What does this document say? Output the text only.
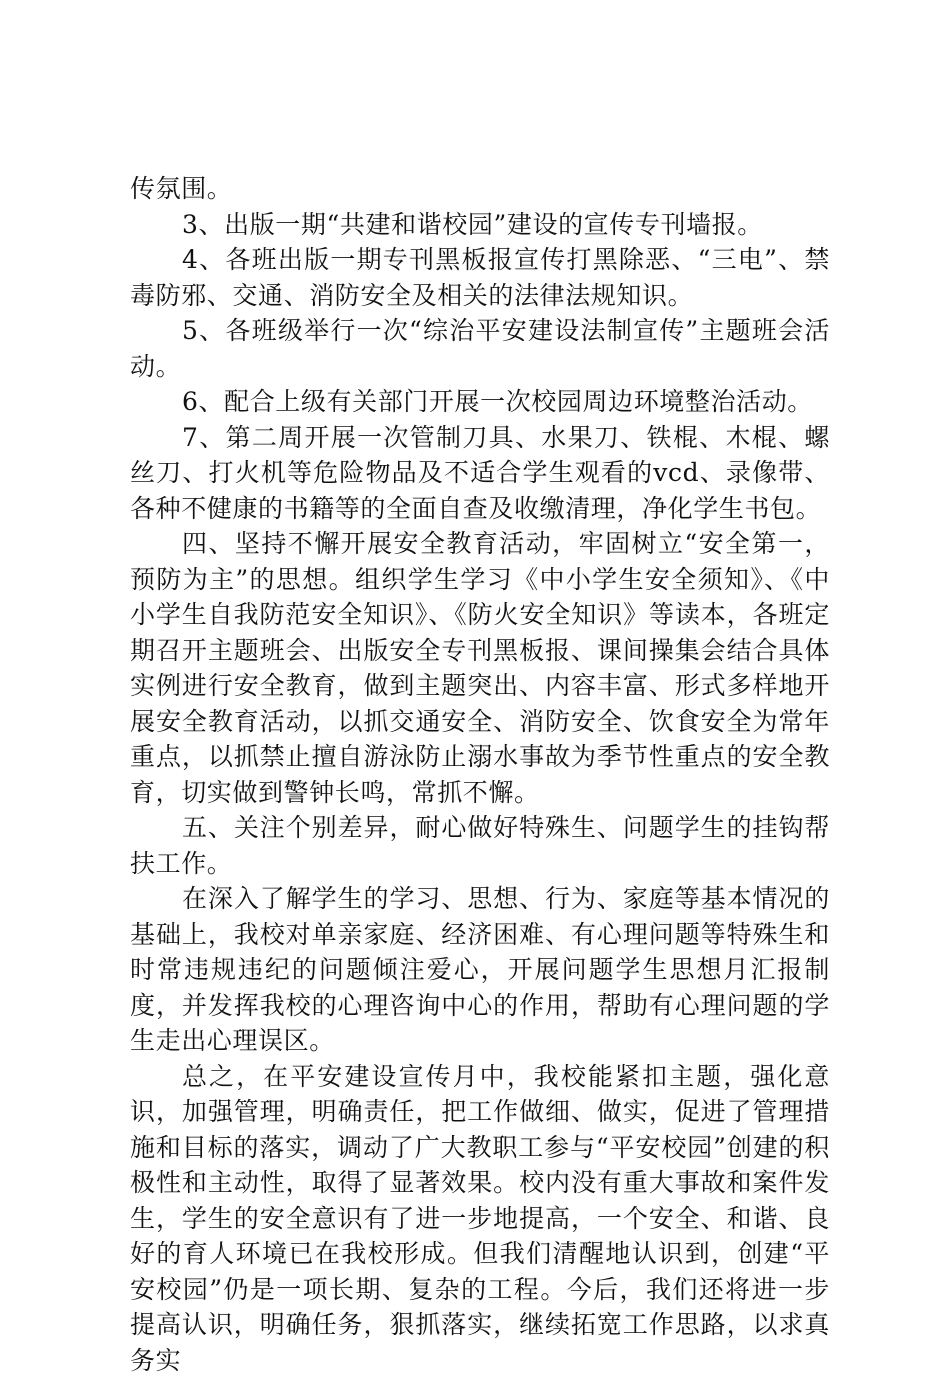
传氛围。

3、出版一期“共建和谐校园”建设的宣传专刊墙报。

4、各班出版一期专刊黑板报宣传打黑除恶、“三电”、禁毒防邪、交通、消防安全及相关的法律法规知识。

5、各班级举行一次“综治平安建设法制宣传”主题班会活动。

6、配合上级有关部门开展一次校园周边环境整治活动。

7、第二周开展一次管制刀具、水果刀、铁棍、木棍、螺丝刀、打火机等危险物品及不适合学生观看的vcd、录像带、各种不健康的书籍等的全面自查及收缴清理，净化学生书包。

四、坚持不懈开展安全教育活动，牢固树立“安全第一，预防为主”的思想。组织学生学习《中小学生安全须知》、《中小学生自我防范安全知识》、《防火安全知识》等读本，各班定期召开主题班会、出版安全专刊黑板报、课间操集会结合具体实例进行安全教育，做到主题突出、内容丰富、形式多样地开展安全教育活动，以抓交通安全、消防安全、饮食安全为常年重点，以抓禁止擅自游泳防止溺水事故为季节性重点的安全教育，切实做到警钟长鸣，常抓不懈。

五、关注个别差异，耐心做好特殊生、问题学生的挂钩帮扶工作。

在深入了解学生的学习、思想、行为、家庭等基本情况的基础上，我校对单亲家庭、经济困难、有心理问题等特殊生和时常违规违纪的问题倾注爱心，开展问题学生思想月汇报制度，并发挥我校的心理咨询中心的作用，帮助有心理问题的学生走出心理误区。

总之，在平安建设宣传月中，我校能紧扣主题，强化意识，加强管理，明确责任，把工作做细、做实，促进了管理措施和目标的落实，调动了广大教职工参与“平安校园”创建的积极性和主动性，取得了显著效果。校内没有重大事故和案件发生，学生的安全意识有了进一步地提高，一个安全、和谐、良好的育人环境已在我校形成。但我们清醒地认识到，创建“平安校园”仍是一项长期、复杂的工程。今后，我们还将进一步提高认识，明确任务，狠抓落实，继续拓宽工作思路，以求真务实
